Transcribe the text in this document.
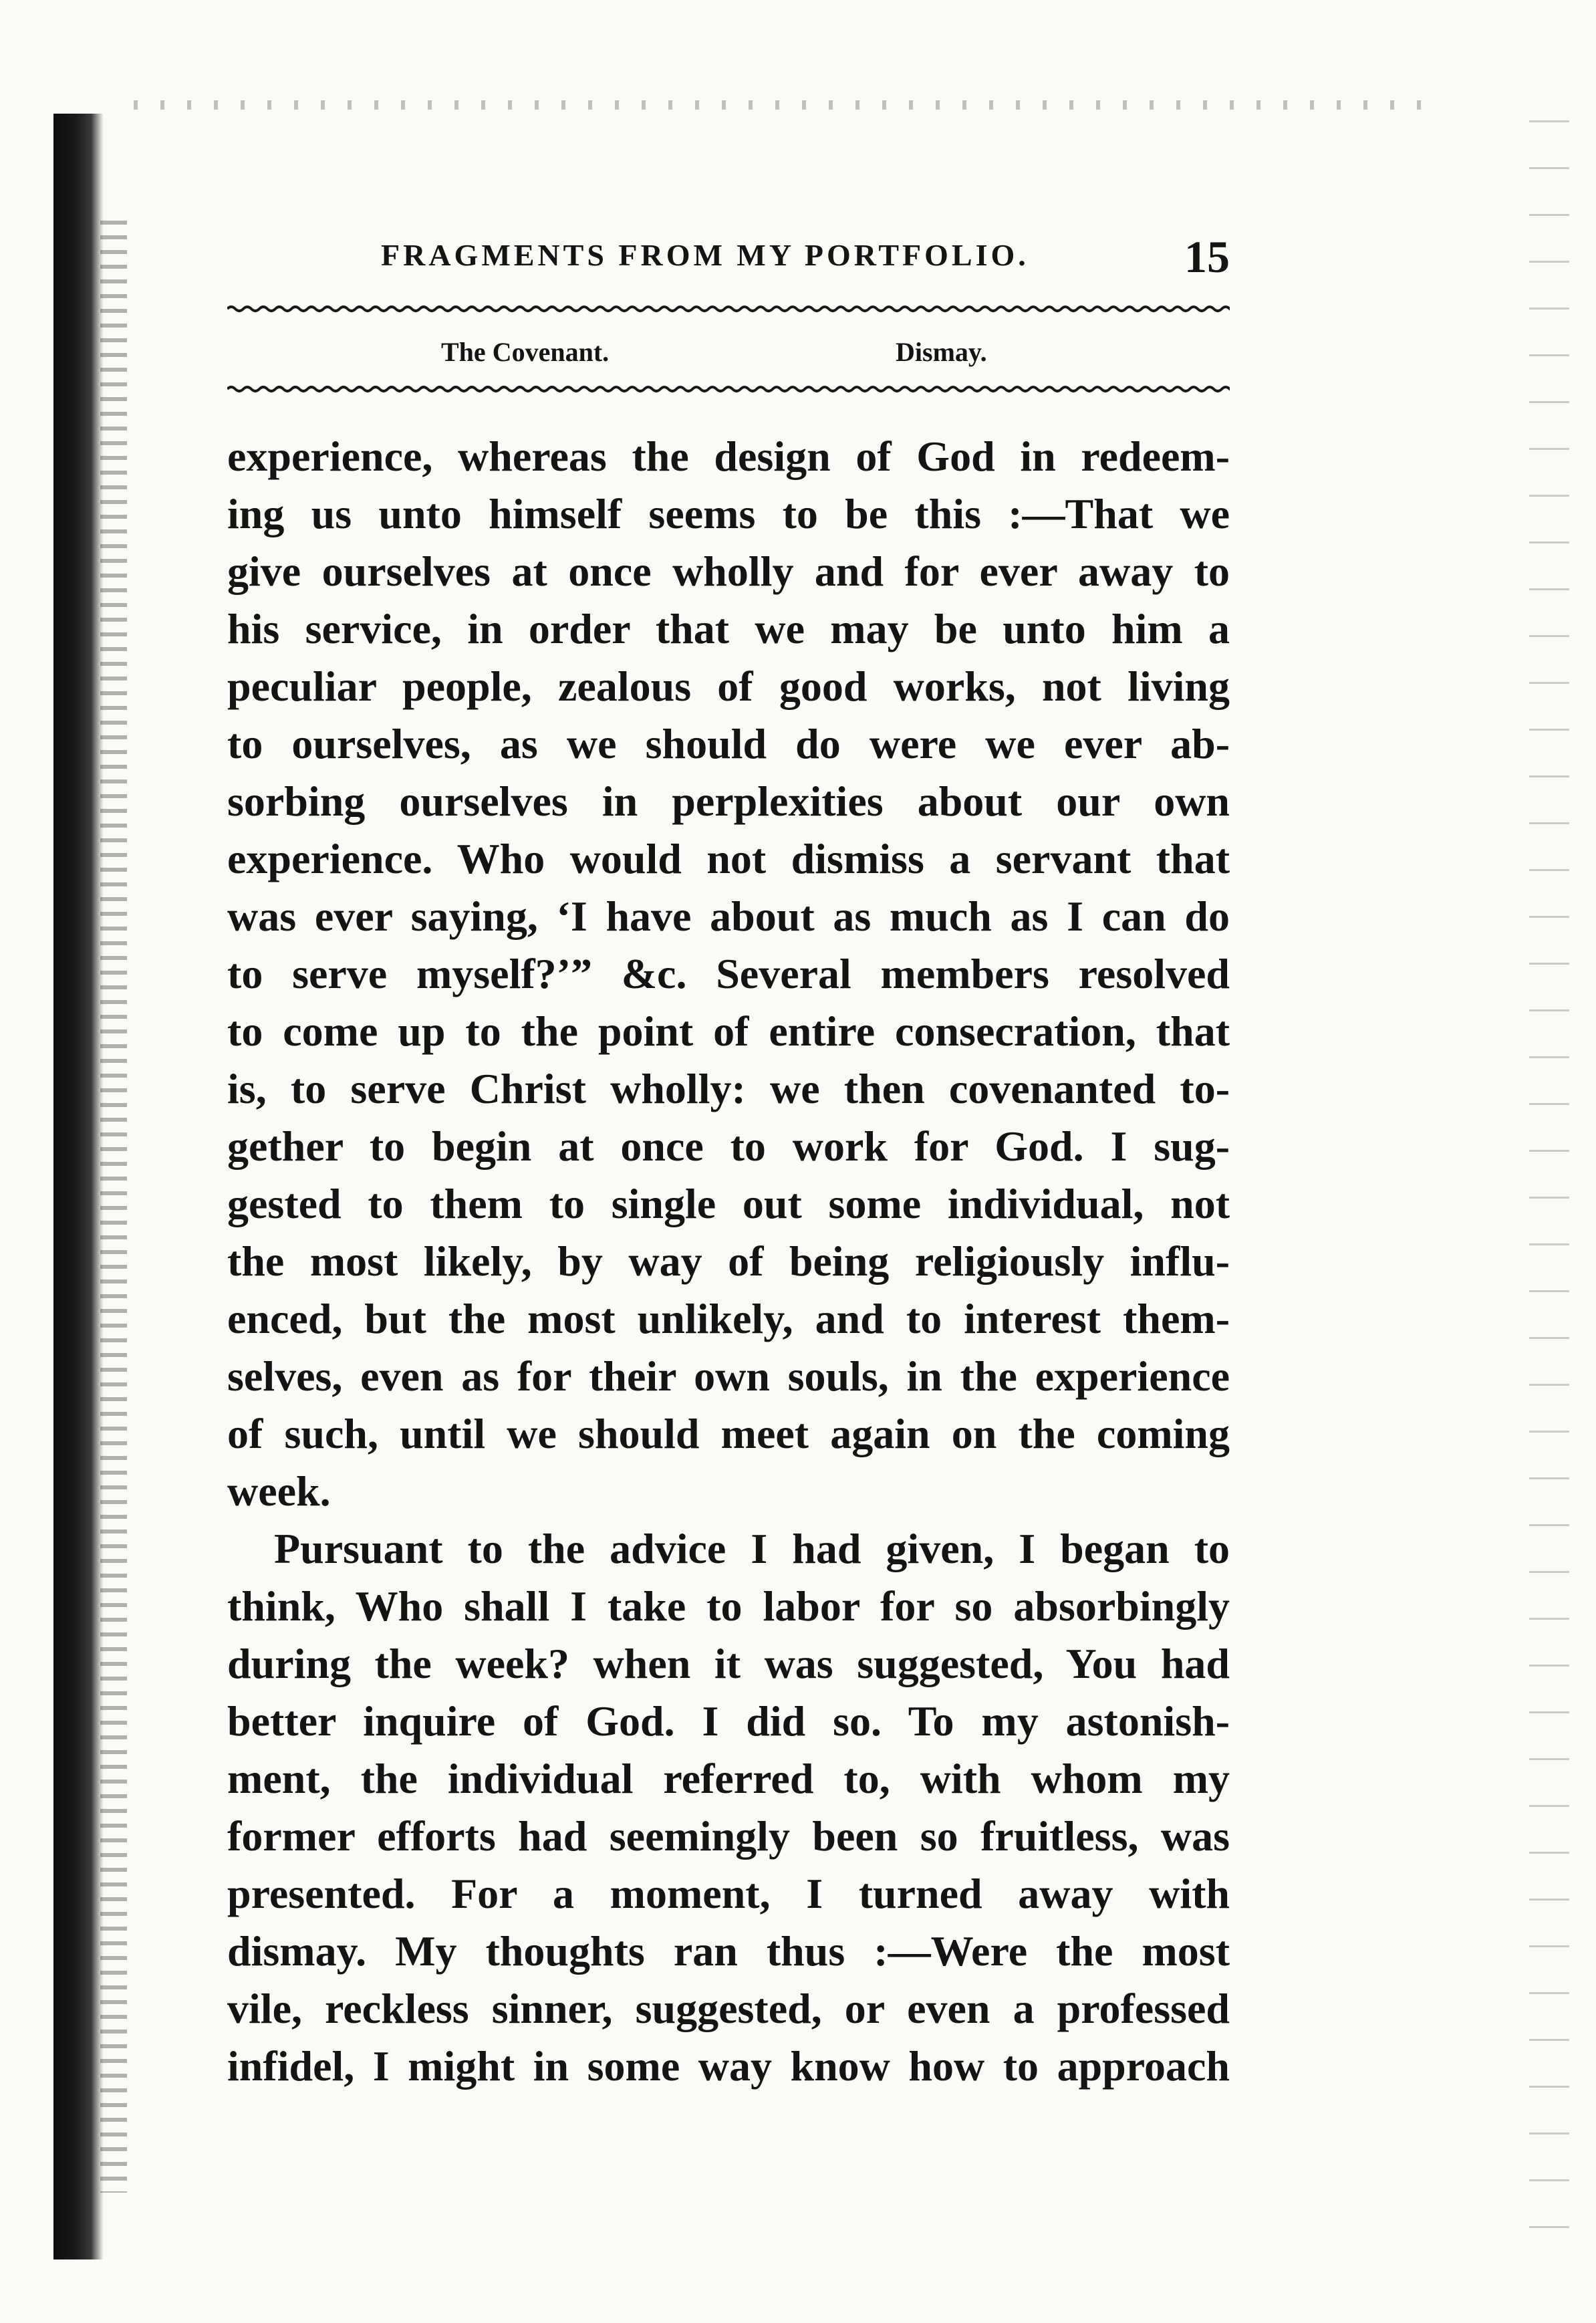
FRAGMENTS FROM MY PORTFOLIO.	15
The Covenant.	Dismay.
experience, whereas the design of God in redeem-
ing us unto himself seems to be this :—That we
give ourselves at once wholly and for ever away to
his service, in order that we may be unto him a
peculiar people, zealous of good works, not living
to ourselves, as we should do were we ever ab-
sorbing ourselves in perplexities about our own
experience. Who would not dismiss a servant that
was ever saying, ‘I have about as much as I can do
to serve myself?’” &c. Several members resolved
to come up to the point of entire consecration, that
is, to serve Christ wholly: we then covenanted to-
gether to begin at once to work for God. I sug-
gested to them to single out some individual, not
the most likely, by way of being religiously influ-
enced, but the most unlikely, and to interest them-
selves, even as for their own souls, in the experience
of such, until we should meet again on the coming
week.
Pursuant to the advice I had given, I began to
think, Who shall I take to labor for so absorbingly
during the week? when it was suggested, You had
better inquire of God. I did so. To my astonish-
ment, the individual referred to, with whom my
former efforts had seemingly been so fruitless, was
presented. For a moment, I turned away with
dismay. My thoughts ran thus :—Were the most
vile, reckless sinner, suggested, or even a professed
infidel, I might in some way know how to approach
